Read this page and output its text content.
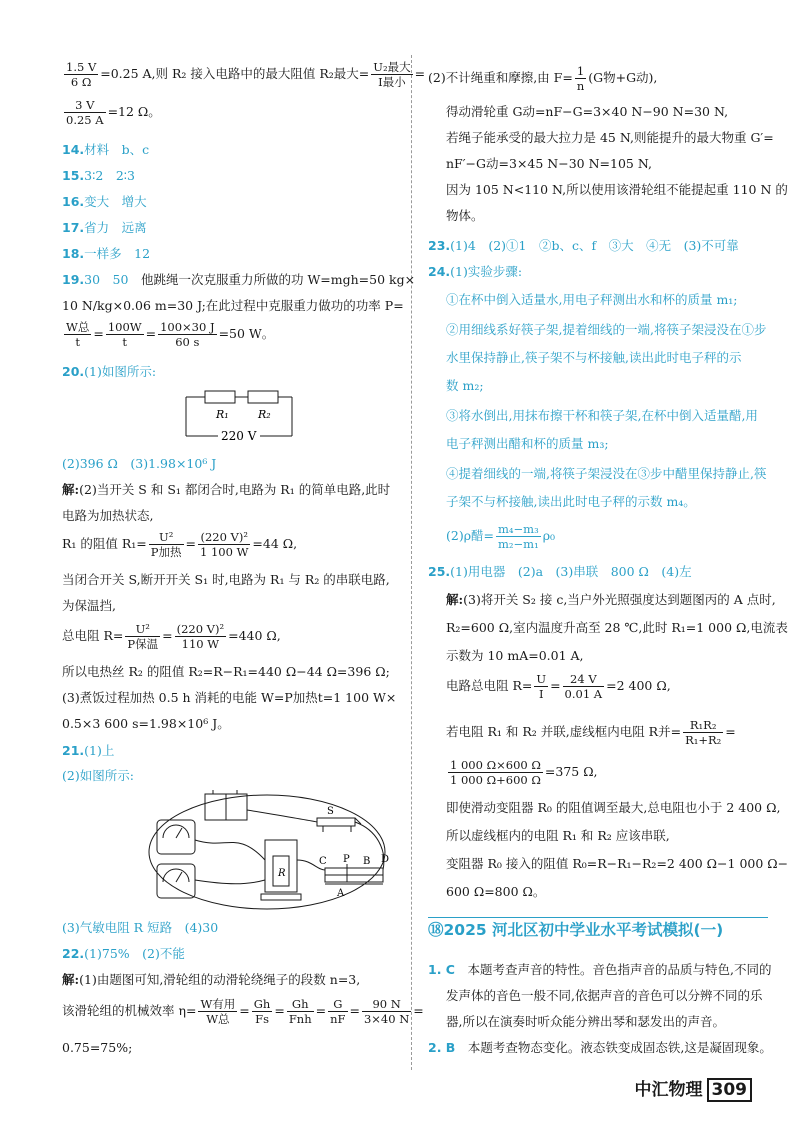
$\frac{1.5 V}{6 \Omega} =0.25$ A,则 R₂ 接入电路中的最大阻值 R₂最大= $\frac{\text{U₂最大}}{\text{I最小}}$ =
$\frac{3 V}{0.25 A} =12$ Ω。
14.材料　b、c
15.3∶2　2∶3
16.变大　增大
17.省力　远离
18.一样多　12
19.30　50　 他跳绳一次克服重力所做的功 W=mgh=50 kg×
10 N/kg×0.06 m=30 J;在此过程中克服重力做功的功率 P=
$\frac{\text{W总}}{t} = \frac{100W}{t} = \frac{100\times 30 J}{60 s} =50$ W。
20.(1)如图所示:
R₁	R₂
220 V
(2)396 Ω　(3)1.98×10⁶ J
解:(2)当开关 S 和 S₁ 都闭合时,电路为 R₁ 的简单电路,此时
电路为加热状态,
R₁ 的阻值 $R_1= \frac{\text{U²}}{\text{P加热}} = \frac{\text{(220 V)²}}{1 100 W} =44$ Ω,
当闭合开关 S,断开开关 S₁ 时,电路为 R₁ 与 R₂ 的串联电路,
为保温挡,
总电阻 $R= \frac{\text{U²}}{\text{P保温}} = \frac{\text{(220 V)²}}{110 W} =440$ Ω,
所以电热丝 R₂ 的阻值 R₂=R−R₁=440 Ω−44 Ω=396 Ω;
(3)煮饭过程加热 0.5 h 消耗的电能 W=P加热t=1 100 W×
0.5×3 600 s=1.98×10⁶ J。
21.(1)上
(2)如图所示:
S
C P B D
A
R
(3)气敏电阻 R 短路　(4)30
22.(1)75%　(2)不能
解:(1)由题图可知,滑轮组的动滑轮绕绳子的段数 n=3,
该滑轮组的机械效率 $\eta= \frac{\text{W有用}}{\text{W总}} = \frac{Gh}{Fs} = \frac{Gh}{\text{Fnh}} = \frac{G}{nF} = \frac{90 N}{3\times 40 N}$ =
0.75=75%;
(2)不计绳重和摩擦,由 $F= \frac{1}{n} (G$物+G动),
得动滑轮重 G动=nF−G=3×40 N−90 N=30 N,
若绳子能承受的最大拉力是 45 N,则能提升的最大物重 G′=
nF′−G动=3×45 N−30 N=105 N,
因为 105 N<110 N,所以使用该滑轮组不能提起重 110 N 的
物体。
23.(1)4　(2)①1　②b、c、f　③大　④无　(3)不可靠
24.(1)实验步骤:
①在杯中倒入适量水,用电子秤测出水和杯的质量 m₁;
②用细线系好筷子架,提着细线的一端,将筷子架浸没在①步
水里保持静止,筷子架不与杯接触,读出此时电子秤的示
数 m₂;
③将水倒出,用抹布擦干杯和筷子架,在杯中倒入适量醋,用
电子秤测出醋和杯的质量 m₃;
④提着细线的一端,将筷子架浸没在③步中醋里保持静止,筷
子架不与杯接触,读出此时电子秤的示数 m₄。
(2)ρ醋= $\frac{\text{m₄−m₃}}{\text{m₂−m₁}} \rho_0$
25.(1)用电器　(2)a　(3)串联　800 Ω　(4)左
解:(3)将开关 S₂ 接 c,当户外光照强度达到题图丙的 A 点时,
R₂=600 Ω,室内温度升高至 28 ℃,此时 R₁=1 000 Ω,电流表
示数为 10 mA=0.01 A,
电路总电阻 $R= \frac{U}{I} = \frac{24 V}{0.01 A} =2$ 400 Ω,
若电阻 R₁ 和 R₂ 并联,虚线框内电阻 R并= $\frac{\text{R₁R₂}}{\text{R₁+R₂}}$ =
$\frac{1 000 \Omega\times 600 \Omega}{1 000 \Omega+600 \Omega} =375$ Ω,
即使滑动变阻器 R₀ 的阻值调至最大,总电阻也小于 2 400 Ω,
所以虚线框内的电阻 R₁ 和 R₂ 应该串联,
变阻器 R₀ 接入的阻值 R₀=R−R₁−R₂=2 400 Ω−1 000 Ω−
600 Ω=800 Ω。
1. C　 本题考查声音的特性。音色指声音的品质与特色,不同的
发声体的音色一般不同,依据声音的音色可以分辨不同的乐
器,所以在演奏时听众能分辨出琴和瑟发出的声音。
2. B　 本题考查物态变化。液态铁变成固态铁,这是凝固现象。
⑱2025 河北区初中学业水平考试模拟(一)
中汇物理 309
